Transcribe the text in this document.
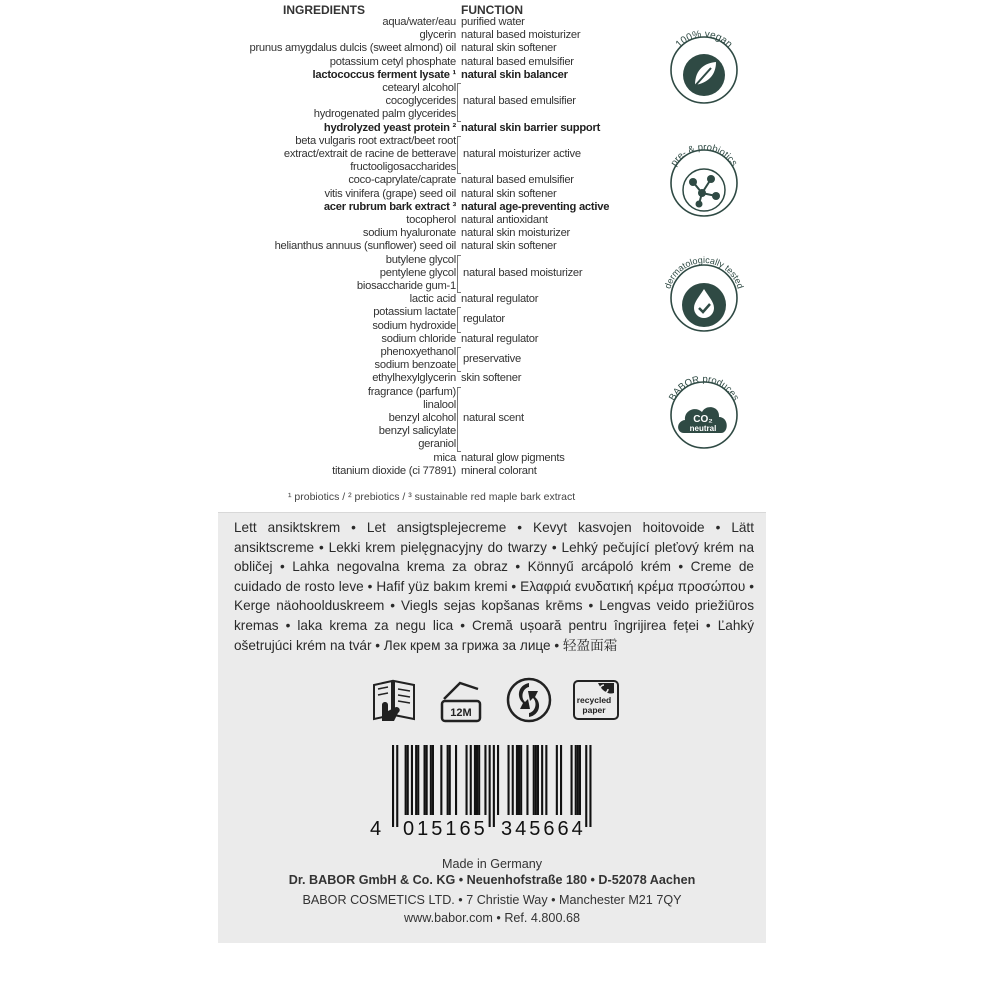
INGREDIENTS	FUNCTION
aqua/water/eau purified water
glycerin natural based moisturizer
prunus amygdalus dulcis (sweet almond) oil natural skin softener
potassium cetyl phosphate natural based emulsifier
lactococcus ferment lysate ¹ natural skin balancer
cetearyl alcohol
cocoglycerides
hydrogenated palm glycerides
hydrolyzed yeast protein ² natural skin barrier support
beta vulgaris root extract/beet root
extract/extrait de racine de betterave
fructooligosaccharides
coco-caprylate/caprate natural based emulsifier
vitis vinifera (grape) seed oil natural skin softener
acer rubrum bark extract ³ natural age-preventing active
tocopherol natural antioxidant
sodium hyaluronate natural skin moisturizer
helianthus annuus (sunflower) seed oil natural skin softener
butylene glycol
pentylene glycol
biosaccharide gum-1
lactic acid natural regulator
potassium lactate
sodium hydroxide
sodium chloride natural regulator
phenoxyethanol
sodium benzoate
ethylhexylglycerin skin softener
fragrance (parfum)
linalool
benzyl alcohol
benzyl salicylate
geraniol
mica natural glow pigments
titanium dioxide (ci 77891) mineral colorant
natural based emulsifier
natural moisturizer active
natural based moisturizer
regulator
preservative
natural scent
¹ probiotics / ² prebiotics / ³ sustainable red maple bark extract
100% vegan
pre- & probiotics
dermatologically tested
BABOR produces
CO₂
neutral
Lett ansiktskrem • Let ansigtsplejecreme • Kevyt kasvojen hoitovoide • Lätt ansiktscreme • Lekki krem pielęgnacyjny do twarzy • Lehký pečující pleťový krém na obličej • Lahka negovalna krema za obraz • Könnyű arcápoló krém • Creme de cuidado de rosto leve • Hafif yüz bakım kremi • Ελαφριά ενυδατική κρέμα προσώπου • Kerge näohoolduskreem • Viegls sejas kopšanas krēms • Lengvas veido priežiūros kremas • laka krema za negu lica • Cremă ușoară pentru îngrijirea feței • Ľahký ošetrujúci krém na tvár • Лек крем за грижа за лице • 轻盈面霜
12M
recycled
paper
4 015165 345664
Made in Germany
Dr. BABOR GmbH & Co. KG • Neuenhofstraße 180 • D-52078 Aachen
BABOR COSMETICS LTD. • 7 Christie Way • Manchester M21 7QY
www.babor.com • Ref. 4.800.68
